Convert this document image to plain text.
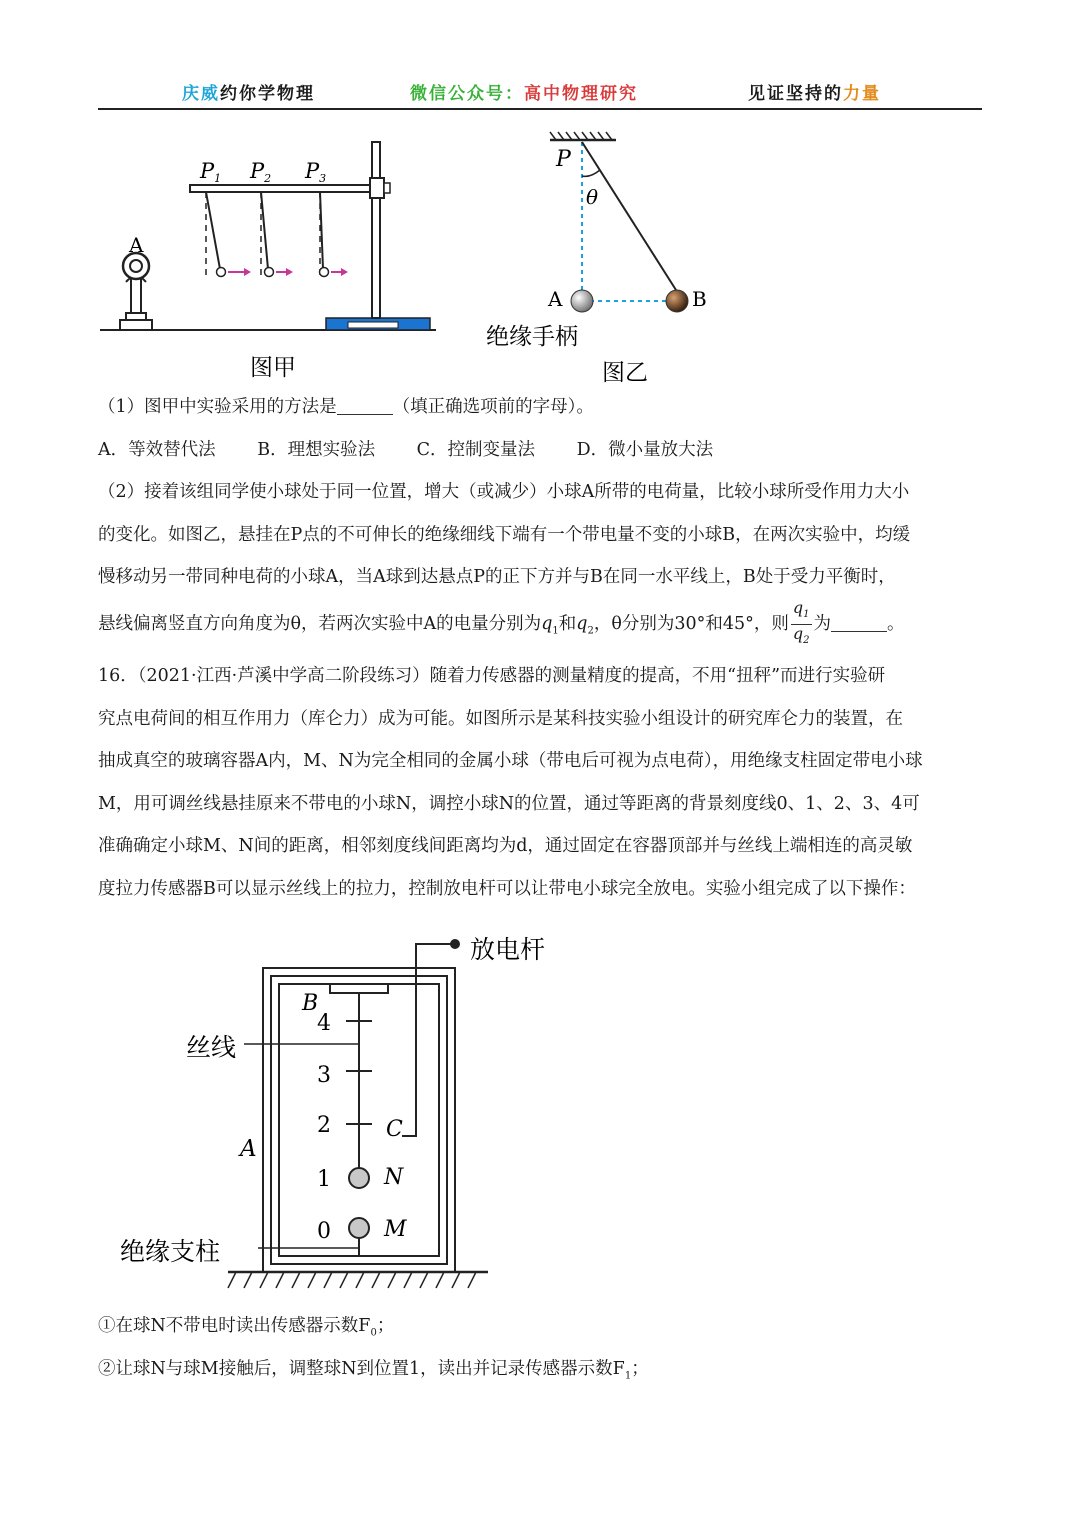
庆威约你学物理	微信公众号：高中物理研究	见证坚持的力量
A
P1 P2 P3
图甲
P
θ
A	B
绝缘手柄
图乙
（1）图甲中实验采用的方法是	（填正确选项前的字母）。
A．等效替代法 B．理想实验法 C．控制变量法 D．微小量放大法
（2）接着该组同学使小球处于同一位置，增大（或减少）小球A所带的电荷量，比较小球所受作用力大小
的变化。如图乙，悬挂在P点的不可伸长的绝缘细线下端有一个带电量不变的小球B，在两次实验中，均缓
慢移动另一带同种电荷的小球A，当A球到达悬点P的正下方并与B在同一水平线上，B处于受力平衡时，
悬线偏离竖直方向角度为θ，若两次实验中A的电量分别为$q_1$和$q_2$，θ分别为30°和45°，则 $\frac{q_1}{q_2}$ 为	。
16．（2021·江西·芦溪中学高二阶段练习）随着力传感器的测量精度的提高，不用“扭秤”而进行实验研
究点电荷间的相互作用力（库仑力）成为可能。如图所示是某科技实验小组设计的研究库仑力的装置，在
抽成真空的玻璃容器A内，M、N为完全相同的金属小球（带电后可视为点电荷），用绝缘支柱固定带电小球
M，用可调丝线悬挂原来不带电的小球N，调控小球N的位置，通过等距离的背景刻度线0、1、2、3、4可
准确确定小球M、N间的距离，相邻刻度线间距离均为d，通过固定在容器顶部并与丝线上端相连的高灵敏
度拉力传感器B可以显示丝线上的拉力，控制放电杆可以让带电小球完全放电。实验小组完成了以下操作：
放电杆
B
丝线
A
C
N
M
绝缘支柱
4
3
2
1
0
①在球N不带电时读出传感器示数$F_0$；
②让球N与球M接触后，调整球N到位置1，读出并记录传感器示数$F_1$；
